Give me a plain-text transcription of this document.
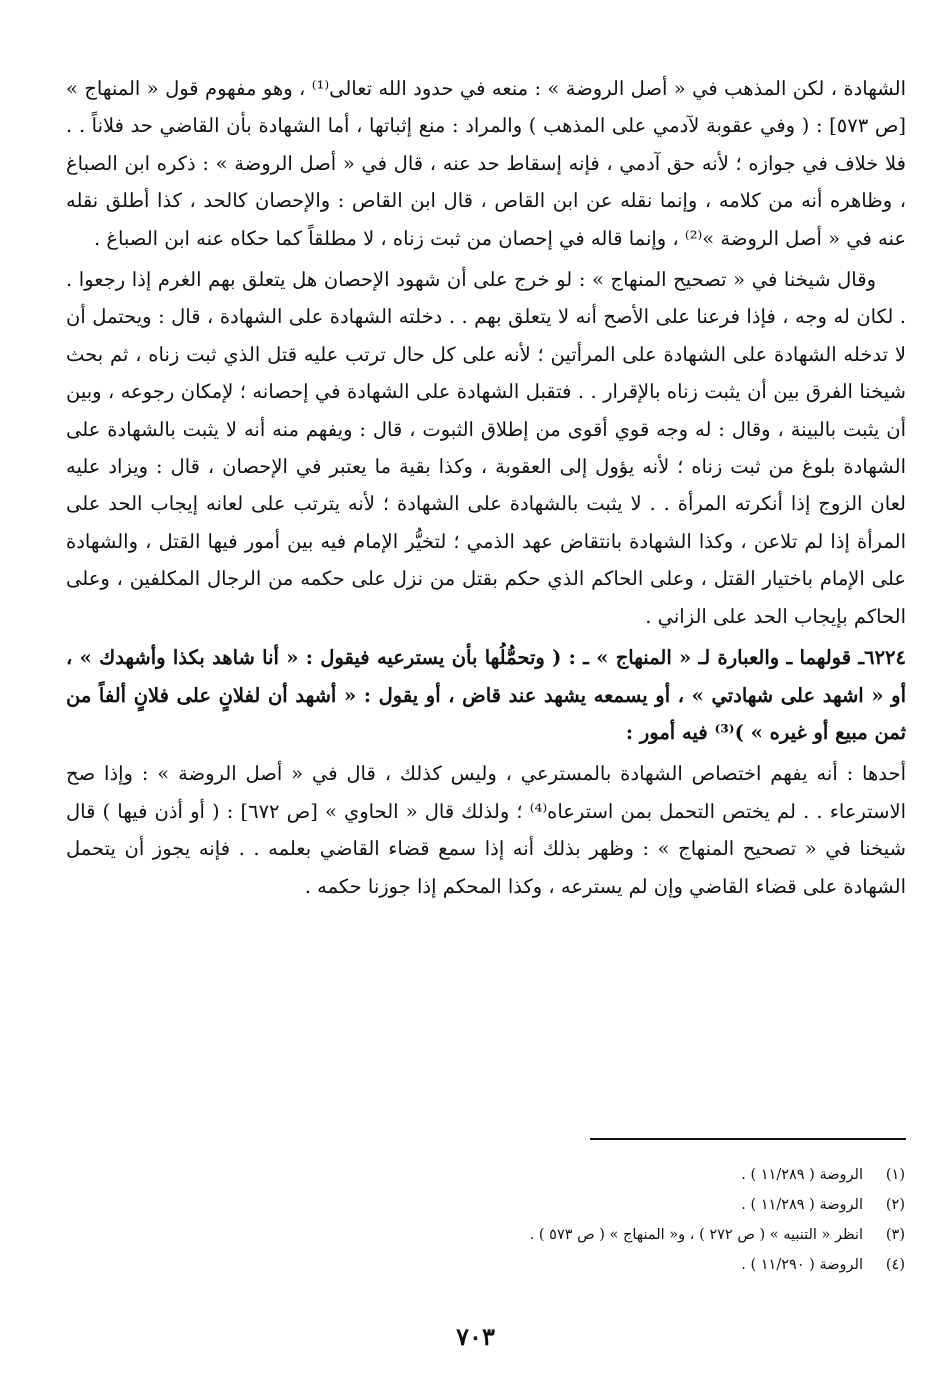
الشهادة ، لكن المذهب في « أصل الروضة » : منعه في حدود الله تعالى⁽¹⁾ ، وهو مفهوم قول « المنهاج » [ص ٥٧٣] : ( وفي عقوبة لآدمي على المذهب ) والمراد : منع إثباتها ، أما الشهادة بأن القاضي حد فلاناً . . فلا خلاف في جوازه ؛ لأنه حق آدمي ، فإنه إسقاط حد عنه ، قال في « أصل الروضة » : ذكره ابن الصباغ ، وظاهره أنه من كلامه ، وإنما نقله عن ابن القاص ، قال ابن القاص : والإحصان كالحد ، كذا أطلق نقله عنه في « أصل الروضة »⁽²⁾ ، وإنما قاله في إحصان من ثبت زناه ، لا مطلقاً كما حكاه عنه ابن الصباغ .

وقال شيخنا في « تصحيح المنهاج » : لو خرج على أن شهود الإحصان هل يتعلق بهم الغرم إذا رجعوا . . لكان له وجه ، فإذا فرعنا على الأصح أنه لا يتعلق بهم . . دخلته الشهادة على الشهادة ، قال : ويحتمل أن لا تدخله الشهادة على الشهادة على المرأتين ؛ لأنه على كل حال ترتب عليه قتل الذي ثبت زناه ، ثم بحث شيخنا الفرق بين أن يثبت زناه بالإقرار . . فتقبل الشهادة على الشهادة في إحصانه ؛ لإمكان رجوعه ، وبين أن يثبت بالبينة ، وقال : له وجه قوي أقوى من إطلاق الثبوت ، قال : ويفهم منه أنه لا يثبت بالشهادة على الشهادة بلوغ من ثبت زناه ؛ لأنه يؤول إلى العقوبة ، وكذا بقية ما يعتبر في الإحصان ، قال : ويزاد عليه لعان الزوج إذا أنكرته المرأة . . لا يثبت بالشهادة على الشهادة ؛ لأنه يترتب على لعانه إيجاب الحد على المرأة إذا لم تلاعن ، وكذا الشهادة بانتقاض عهد الذمي ؛ لتخيُّر الإمام فيه بين أمور فيها القتل ، والشهادة على الإمام باختيار القتل ، وعلى الحاكم الذي حكم بقتل من نزل على حكمه من الرجال المكلفين ، وعلى الحاكم بإيجاب الحد على الزاني .

٦٢٢٤ـ قولهما ـ والعبارة لـ « المنهاج » ـ : ( وتحمُّلُها بأن يسترعيه فيقول : « أنا شاهد بكذا وأشهدك » ، أو « اشهد على شهادتي » ، أو يسمعه يشهد عند قاض ، أو يقول : « أشهد أن لفلانٍ على فلانٍ ألفاً من ثمن مبيع أو غيره » )⁽³⁾ فيه أمور :

أحدها : أنه يفهم اختصاص الشهادة بالمسترعي ، وليس كذلك ، قال في « أصل الروضة » : وإذا صح الاسترعاء . . لم يختص التحمل بمن استرعاه⁽⁴⁾ ؛ ولذلك قال « الحاوي » [ص ٦٧٢] : ( أو أذن فيها ) قال شيخنا في « تصحيح المنهاج » : وظهر بذلك أنه إذا سمع قضاء القاضي بعلمه . . فإنه يجوز أن يتحمل الشهادة على قضاء القاضي وإن لم يسترعه ، وكذا المحكم إذا جوزنا حكمه .

(١)
الروضة ( ١١/٢٨٩ ) .
(٢)
الروضة ( ١١/٢٨٩ ) .
(٣)
انظر « التنبيه » ( ص ٢٧٢ ) ، و« المنهاج » ( ص ٥٧٣ ) .
(٤)
الروضة ( ١١/٢٩٠ ) .
٧٠٣
